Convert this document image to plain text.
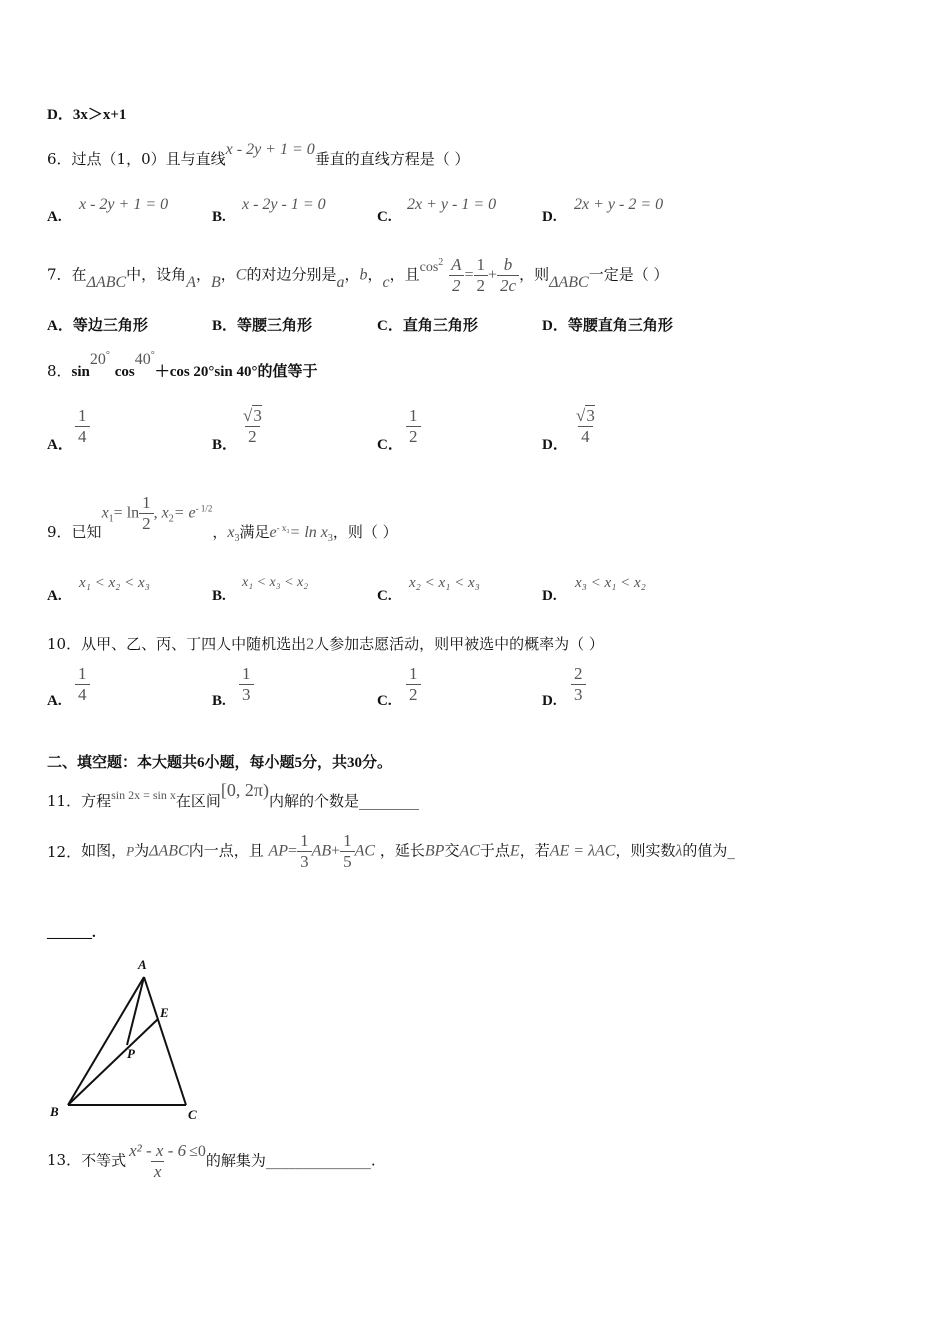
D．3x＞x+1
6．过点（1，0）且与直线x - 2y + 1 = 0垂直的直线方程是（ ）
A.
x - 2y + 1 = 0
B.
x - 2y - 1 = 0
C.
2x + y - 1 = 0
D.
2x + y - 2 = 0
7．在ΔABC中，设角A，B，C的对边分别是a，b，c，且$\cos^2 \frac{A}{2} = \frac{1}{2} + \frac{b}{2c}$ ，则ΔABC一定是（ ）
A．等边三角形	B．等腰三角形	C．直角三角形	D．等腰直角三角形
8．sin20° cos40°＋cos 20°sin 40°的值等于
A． $\frac{1}{4}$	B． $\frac{√3}{2}$	C． $\frac{1}{2}$	D． $\frac{√3}{4}$
9．已知$x_1= \ln \frac{1}{2}$ , $x_2= e^{- 1/2}$，$x_3$满足$e^{- x_3}= \ln x_3$，则（ ）
A.
x₁ < x₂ < x₃
B.
x₁ < x₃ < x₂
C.
x₂ < x₁ < x₃
D.
x₃ < x₁ < x₂
10．从甲、乙、丙、丁四人中随机选出2人参加志愿活动，则甲被选中的概率为（ ）
A. $\frac{1}{4}$	B. $\frac{1}{3}$	C. $\frac{1}{2}$	D. $\frac{2}{3}$
二、填空题：本大题共6小题，每小题5分，共30分。
11．方程$_{sin 2x = sin x}$在区间[0, 2π)内解的个数是________
12．如图，P为ΔABC内一点，且 $AP= \frac{1}{3} AB+ \frac{1}{5}$ AC ，延长BP交AC于点E，若AE = λAC，则实数λ的值为_
______.
A
E
P
B	C
13．不等式 $\frac{\text{x² - x - 6}}{x} \le 0$的解集为______________.
